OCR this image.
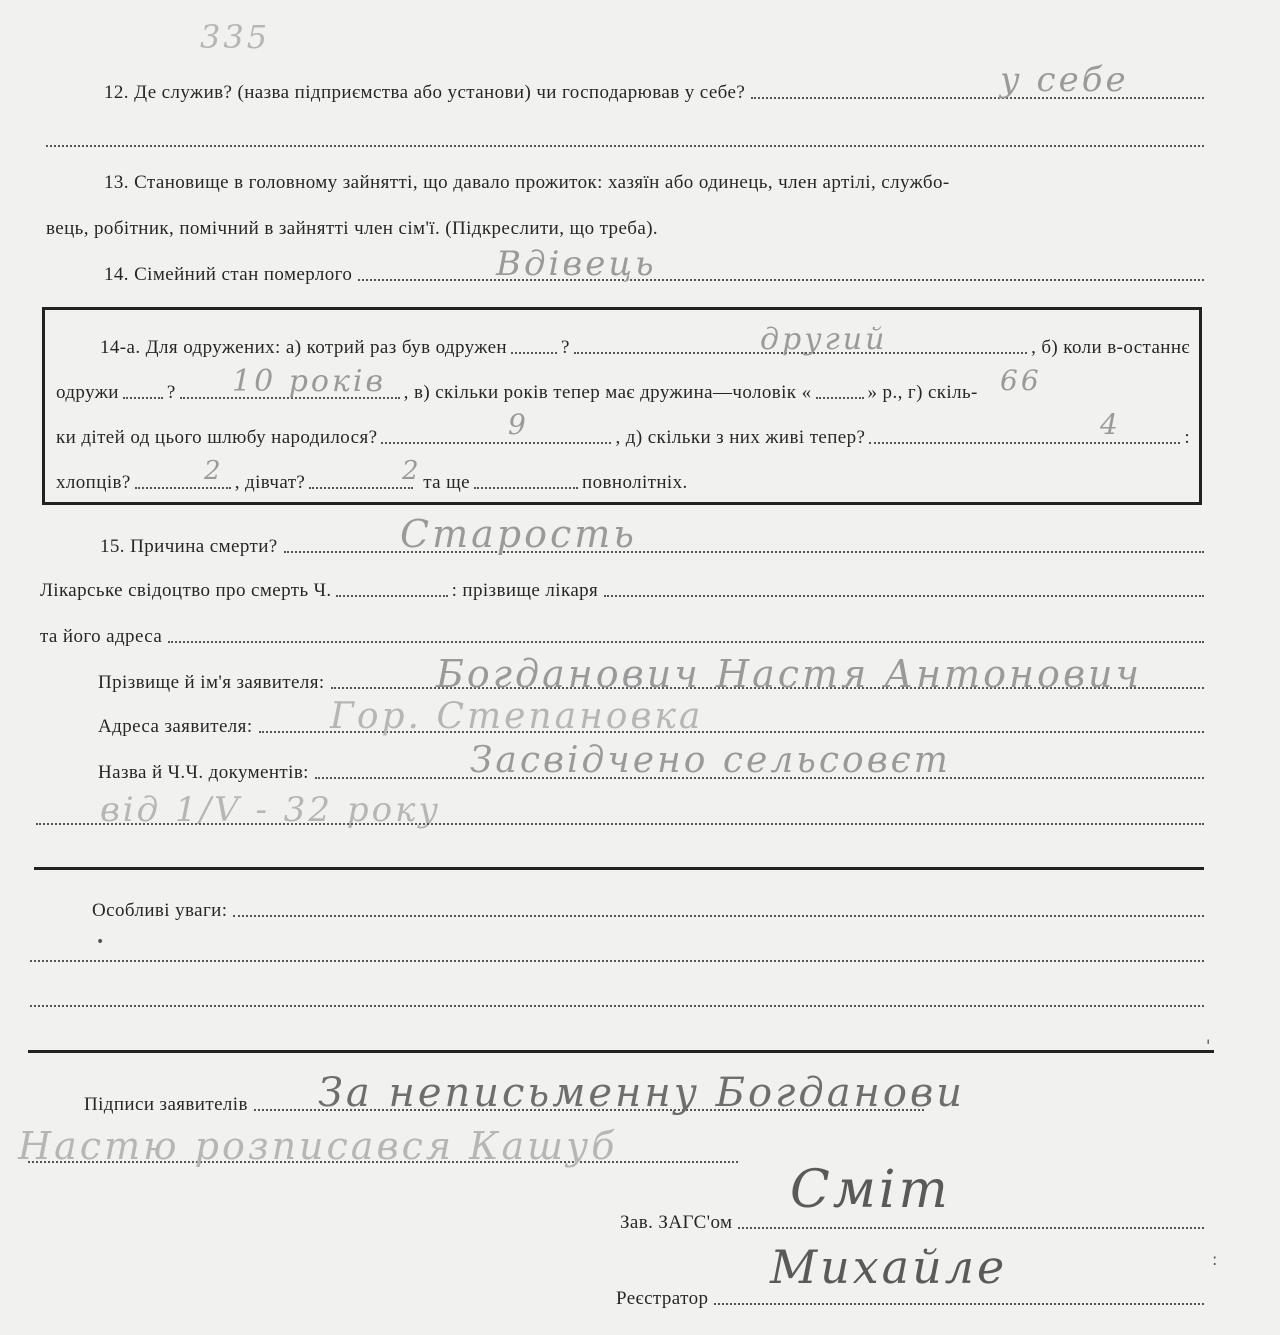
335
12. Де служив? (назва підприємства або установи) чи господарював у себе?	у себе
13. Становище в головному зайнятті, що давало прожиток: хазяїн або одинець, член артілі, службо-
вець, робітник, помічний в зайнятті член сім'ї. (Підкреслити, що треба).
14. Сімейний стан померлого	Вдівець
14-а. Для одружених: а) котрий раз був одружен	?	, б) коли в-останнє
другий
одружи	?	, в) скільки років тепер має дружина—чоловік «	» р., г) скіль-
10 років	66
ки дітей од цього шлюбу народилося?	, д) скільки з них живі тепер?	:
9	4
хлопців?	, дівчат?	та ще	повнолітніх.
2	2
15. Причина смерти?	Старость
Лікарське свідоцтво про смерть Ч.	: прізвище лікаря
та його адреса
Прізвище й ім'я заявителя:	Богданович Настя Антонович
Адреса заявителя: Гор. Степановка
Назва й Ч.Ч. документів:	Засвідчено сельсовєт
від 1/V - 32 року
Особливі уваги:
•
Підписи заявителів За неписьменну Богданови
Настю розписався Кашуб
Зав. ЗАГС'ом
Сміт
Реєстратор
Михайле
'
:
